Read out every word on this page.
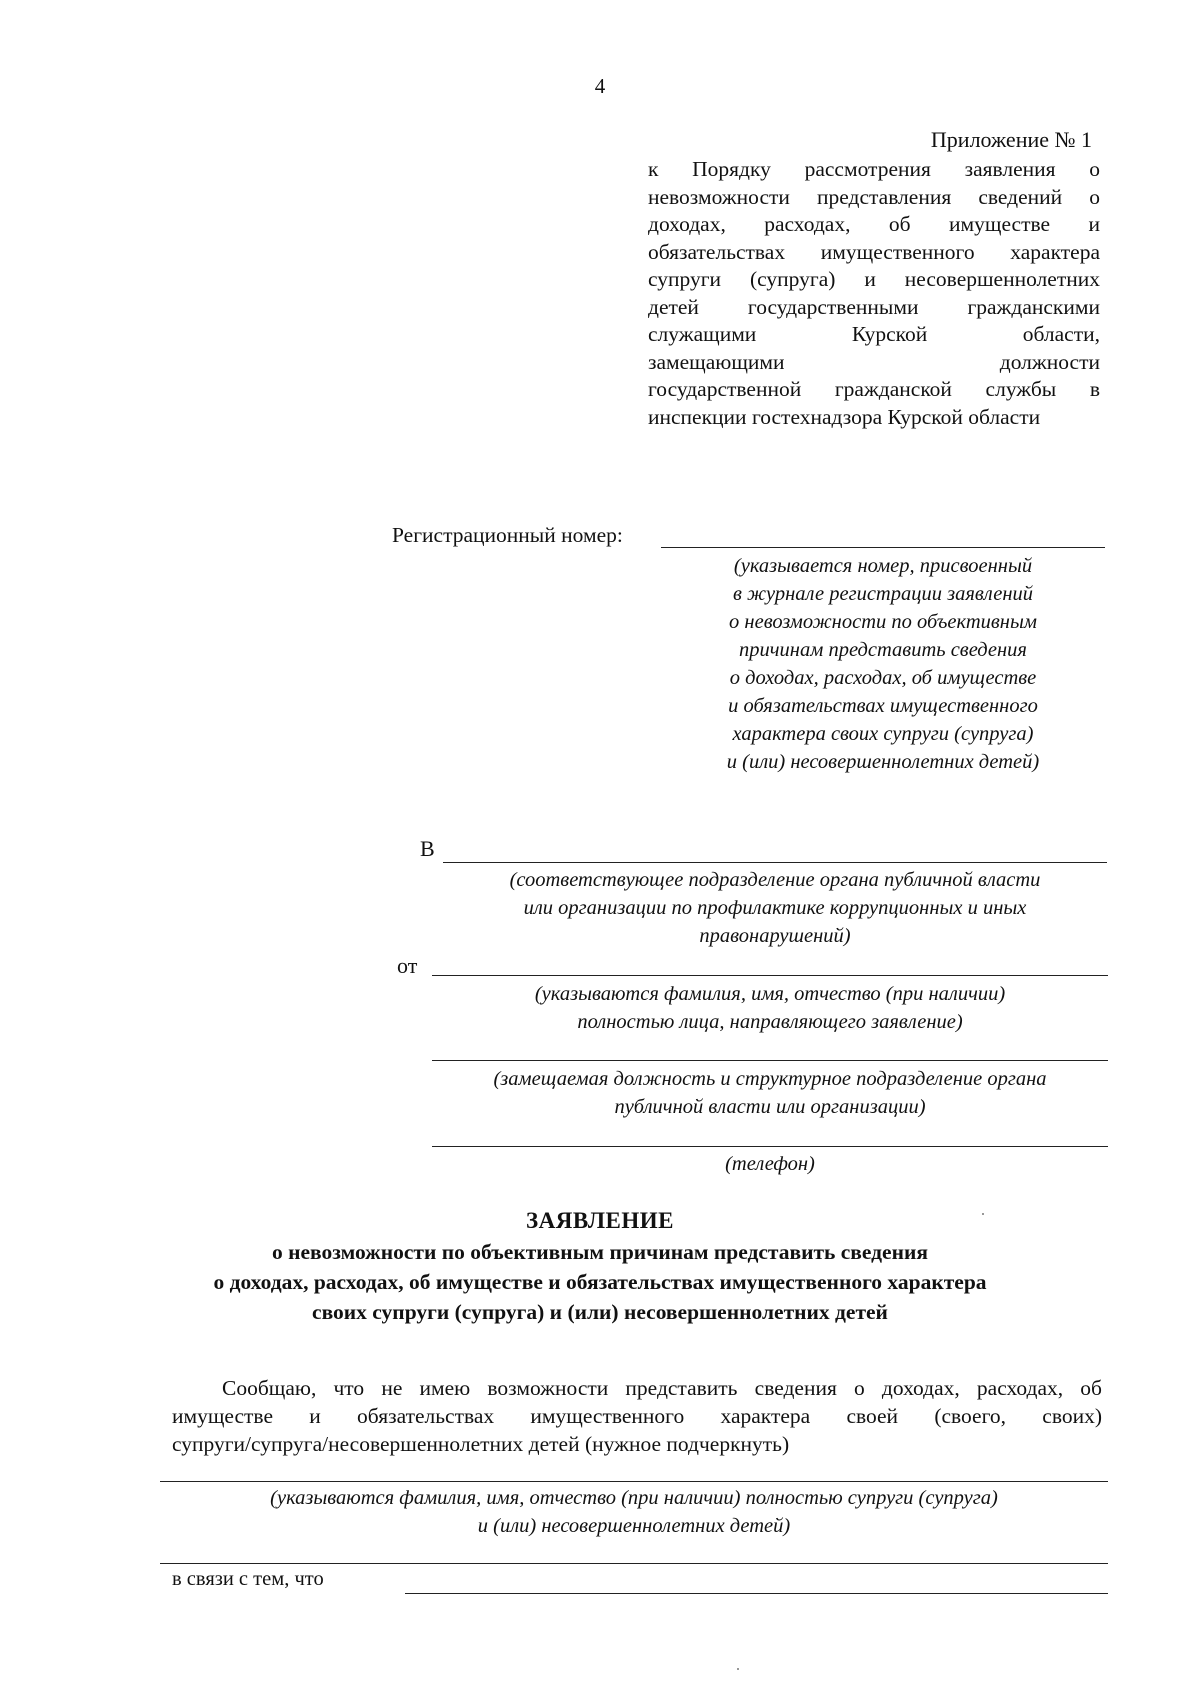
4
Приложение № 1
к Порядку рассмотрения заявления о
невозможности представления сведений о
доходах, расходах, об имуществе и
обязательствах имущественного характера
супруги (супруга) и несовершеннолетних
детей государственными гражданскими
служащими Курской области,
замещающими должности
государственной гражданской службы в
инспекции гостехнадзора Курской области
Регистрационный номер:
(указывается номер, присвоенный
в журнале регистрации заявлений
о невозможности по объективным
причинам представить сведения
о доходах, расходах, об имуществе
и обязательствах имущественного
характера своих супруги (супруга)
и (или) несовершеннолетних детей)
В
(соответствующее подразделение органа публичной власти
или организации по профилактике коррупционных и иных
правонарушений)
от
(указываются фамилия, имя, отчество (при наличии)
полностью лица, направляющего заявление)
(замещаемая должность и структурное подразделение органа
публичной власти или организации)
(телефон)
ЗАЯВЛЕНИЕ
о невозможности по объективным причинам представить сведения
о доходах, расходах, об имуществе и обязательствах имущественного характера
своих супруги (супруга) и (или) несовершеннолетних детей
Сообщаю, что не имею возможности представить сведения о доходах, расходах, об
имуществе и обязательствах имущественного характера своей (своего, своих)
супруги/супруга/несовершеннолетних детей (нужное подчеркнуть)
(указываются фамилия, имя, отчество (при наличии) полностью супруги (супруга)
и (или) несовершеннолетних детей)
в связи с тем, что
